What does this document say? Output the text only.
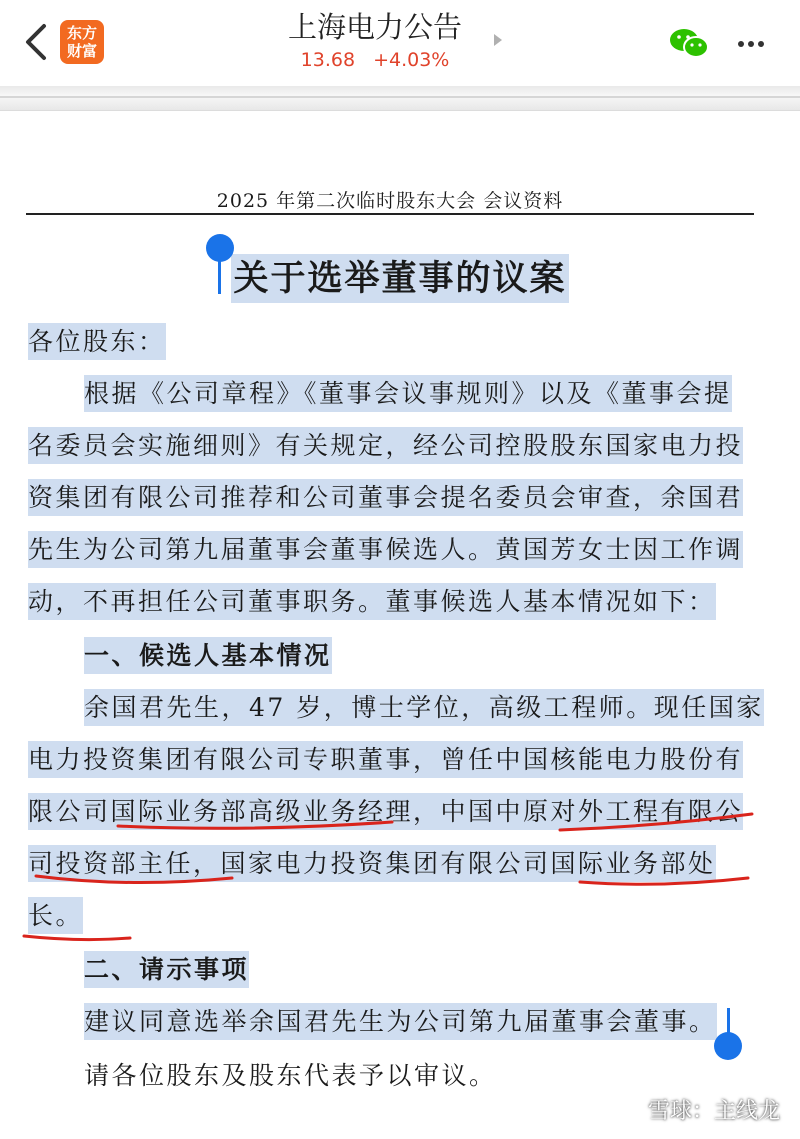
东方
财富
上海电力公告
13.68 +4.03%
2025 年第二次临时股东大会 会议资料
关于选举董事的议案
各位股东：
根据《公司章程》《董事会议事规则》以及《董事会提
名委员会实施细则》有关规定，经公司控股股东国家电力投
资集团有限公司推荐和公司董事会提名委员会审查，余国君
先生为公司第九届董事会董事候选人。黄国芳女士因工作调
动，不再担任公司董事职务。董事候选人基本情况如下：
一、候选人基本情况
余国君先生，47 岁，博士学位，高级工程师。现任国家
电力投资集团有限公司专职董事，曾任中国核能电力股份有
限公司国际业务部高级业务经理，中国中原对外工程有限公
司投资部主任，国家电力投资集团有限公司国际业务部处
长。
二、请示事项
建议同意选举余国君先生为公司第九届董事会董事。
请各位股东及股东代表予以审议。
雪球：主线龙
